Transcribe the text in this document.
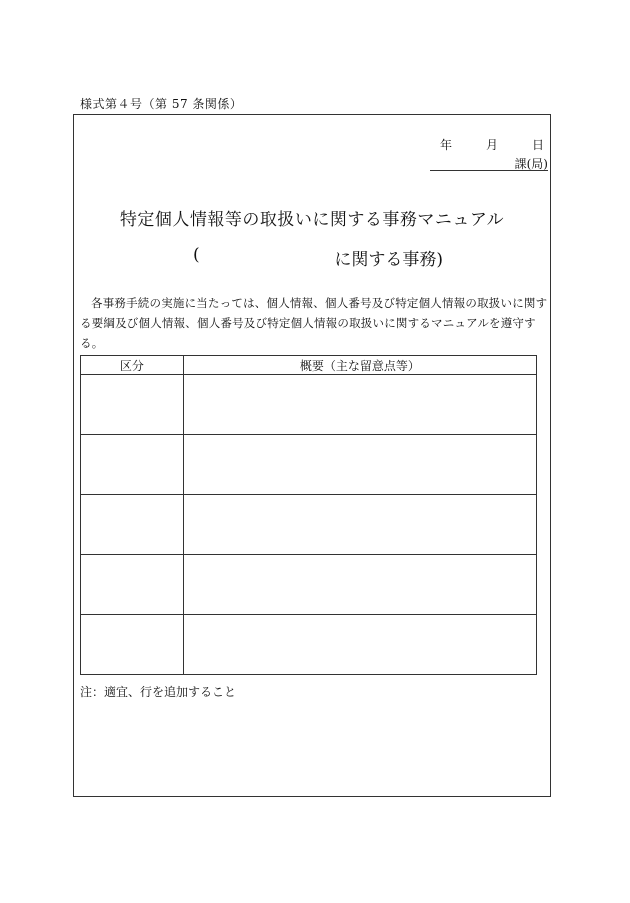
様式第４号（第 57 条関係）
年	月	日
課(局)
特定個人情報等の取扱いに関する事務マニュアル
(	に関する事務)
各事務手続の実施に当たっては、個人情報、個人番号及び特定個人情報の取扱いに関する要綱及び個人情報、個人番号及び特定個人情報の取扱いに関するマニュアルを遵守する。
区分	概要（主な留意点等）

注：適宜、行を追加すること
